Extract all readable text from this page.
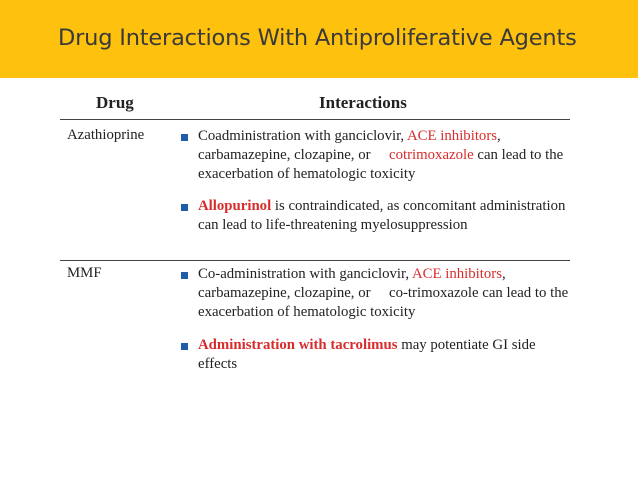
Drug Interactions With Antiproliferative Agents
Drug	Interactions
Azathioprine	Coadministration with ganciclovir, ACE inhibitors, carbamazepine, clozapine, or cotrimoxazole can lead to the exacerbation of hematologic toxicity
Allopurinol is contraindicated, as concomitant administration can lead to life-threatening myelosuppression
MMF	Co-administration with ganciclovir, ACE inhibitors, carbamazepine, clozapine, or co-trimoxazole can lead to the exacerbation of hematologic toxicity
Administration with tacrolimus may potentiate GI side effects
